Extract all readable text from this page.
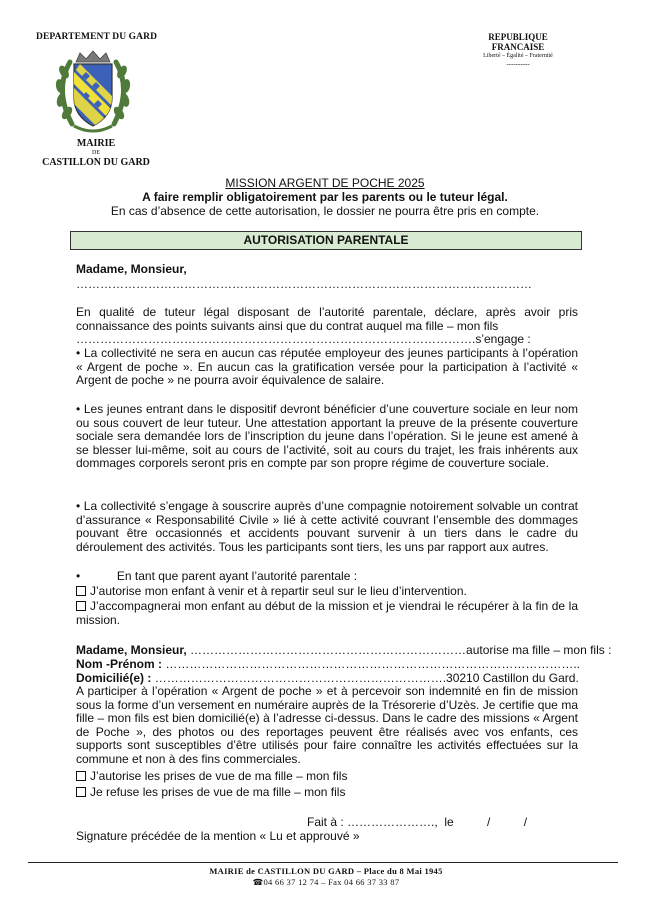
DEPARTEMENT DU GARD
MAIRIE
DE
CASTILLON DU GARD
REPUBLIQUE FRANCAISE
Liberté – Égalité – Fraternité
----------
MISSION ARGENT DE POCHE 2025
A faire remplir obligatoirement par les parents ou le tuteur légal.
En cas d’absence de cette autorisation, le dossier ne pourra être pris en compte.
AUTORISATION PARENTALE
Madame, Monsieur,
……………………………………………………………………………………………………
En qualité de tuteur légal disposant de l’autorité parentale, déclare, après avoir pris connaissance des points suivants ainsi que du contrat auquel ma fille – mon fils
……………………………………………………………………………………….s’engage :
• La collectivité ne sera en aucun cas réputée employeur des jeunes participants à l’opération « Argent de poche ». En aucun cas la gratification versée pour la participation à l’activité « Argent de poche » ne pourra avoir équivalence de salaire.
• Les jeunes entrant dans le dispositif devront bénéficier d’une couverture sociale en leur nom ou sous couvert de leur tuteur. Une attestation apportant la preuve de la présente couverture sociale sera demandée lors de l’inscription du jeune dans l’opération. Si le jeune est amené à se blesser lui-même, soit au cours de l’activité, soit au cours du trajet, les frais inhérents aux dommages corporels seront pris en compte par son propre régime de couverture sociale.
• La collectivité s’engage à souscrire auprès d’une compagnie notoirement solvable un contrat d’assurance « Responsabilité Civile » lié à cette activité couvrant l’ensemble des dommages pouvant être occasionnés et accidents pouvant survenir à un tiers dans le cadre du déroulement des activités. Tous les participants sont tiers, les uns par rapport aux autres.
•	En tant que parent ayant l’autorité parentale :
J’autorise mon enfant à venir et à repartir seul sur le lieu d’intervention.
J’accompagnerai mon enfant au début de la mission et je viendrai le récupérer à la fin de la mission.
Madame, Monsieur, ……………………………………………………………autorise ma fille – mon fils :
Nom -Prénom : …………………………………………………………………………………………..
Domicilié(e) : ……………………………………………………………….30210 Castillon du Gard.
A participer à l’opération « Argent de poche » et à percevoir son indemnité en fin de mission sous la forme d’un versement en numéraire auprès de la Trésorerie d’Uzès. Je certifie que ma fille – mon fils est bien domicilié(e) à l’adresse ci-dessus. Dans le cadre des missions « Argent de Poche », des photos ou des reportages peuvent être réalisés avec vos enfants, ces supports sont susceptibles d’être utilisés pour faire connaître les activités effectuées sur la commune et non à des fins commerciales.
J’autorise les prises de vue de ma fille – mon fils
Je refuse les prises de vue de ma fille – mon fils
Fait à : ………………….,  le          /          /
Signature précédée de la mention « Lu et approuvé »
MAIRIE de CASTILLON DU GARD – Place du 8 Mai 1945
☎04 66 37 12 74 – Fax 04 66 37 33 87
